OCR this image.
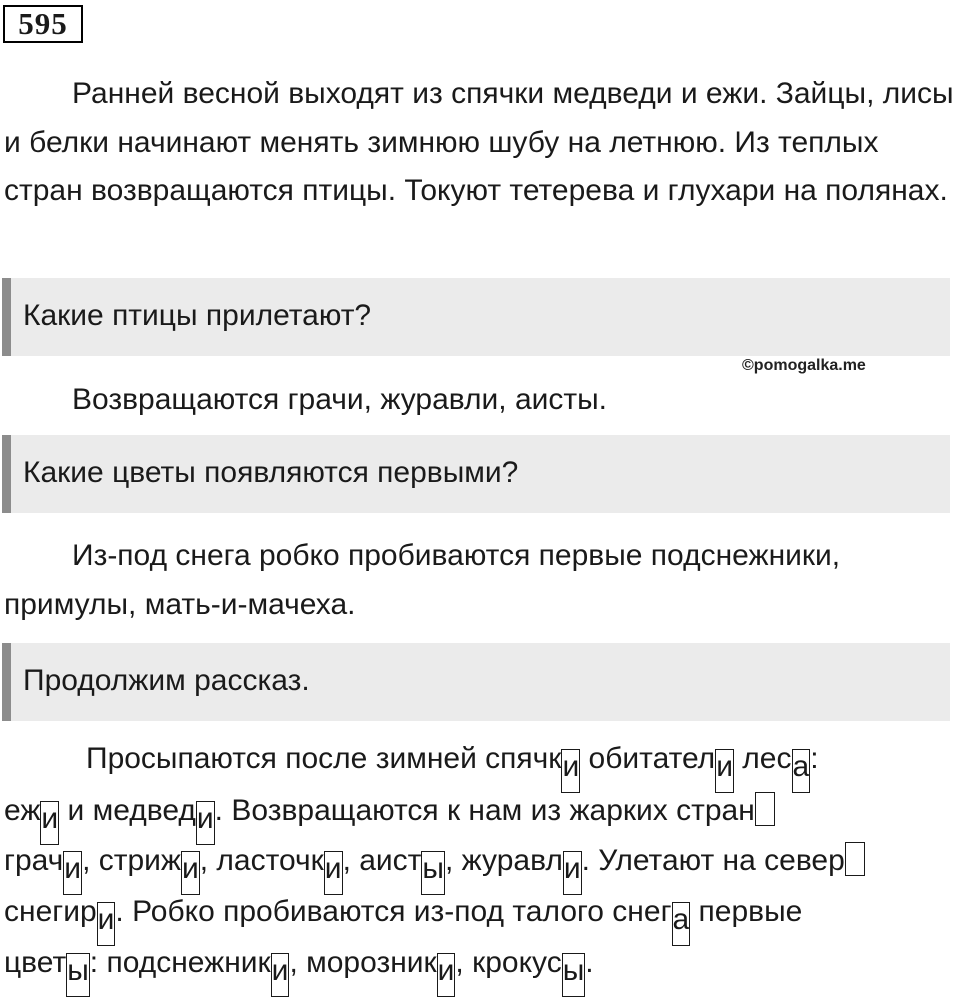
595
Ранней весной выходят из спячки медведи и ежи. Зайцы, лисы и белки начинают менять зимнюю шубу на летнюю. Из теплых стран возвращаются птицы. Токуют тетерева и глухари на полянах.
Какие птицы прилетают?
©pomogalka.me
Возвращаются грачи, журавли, аисты.
Какие цветы появляются первыми?
Из-под снега робко пробиваются первые подснежники, примулы, мать-и-мачеха.
Продолжим рассказ.
Просыпаются после зимней спячки обитатели леса:
ежи и медведи. Возвращаются к нам из жарких стран
грачи, стрижи, ласточки, аисты, журавли. Улетают на север
снегири. Робко пробиваются из-под талого снега первые
цветы: подснежники, морозники, крокусы.
